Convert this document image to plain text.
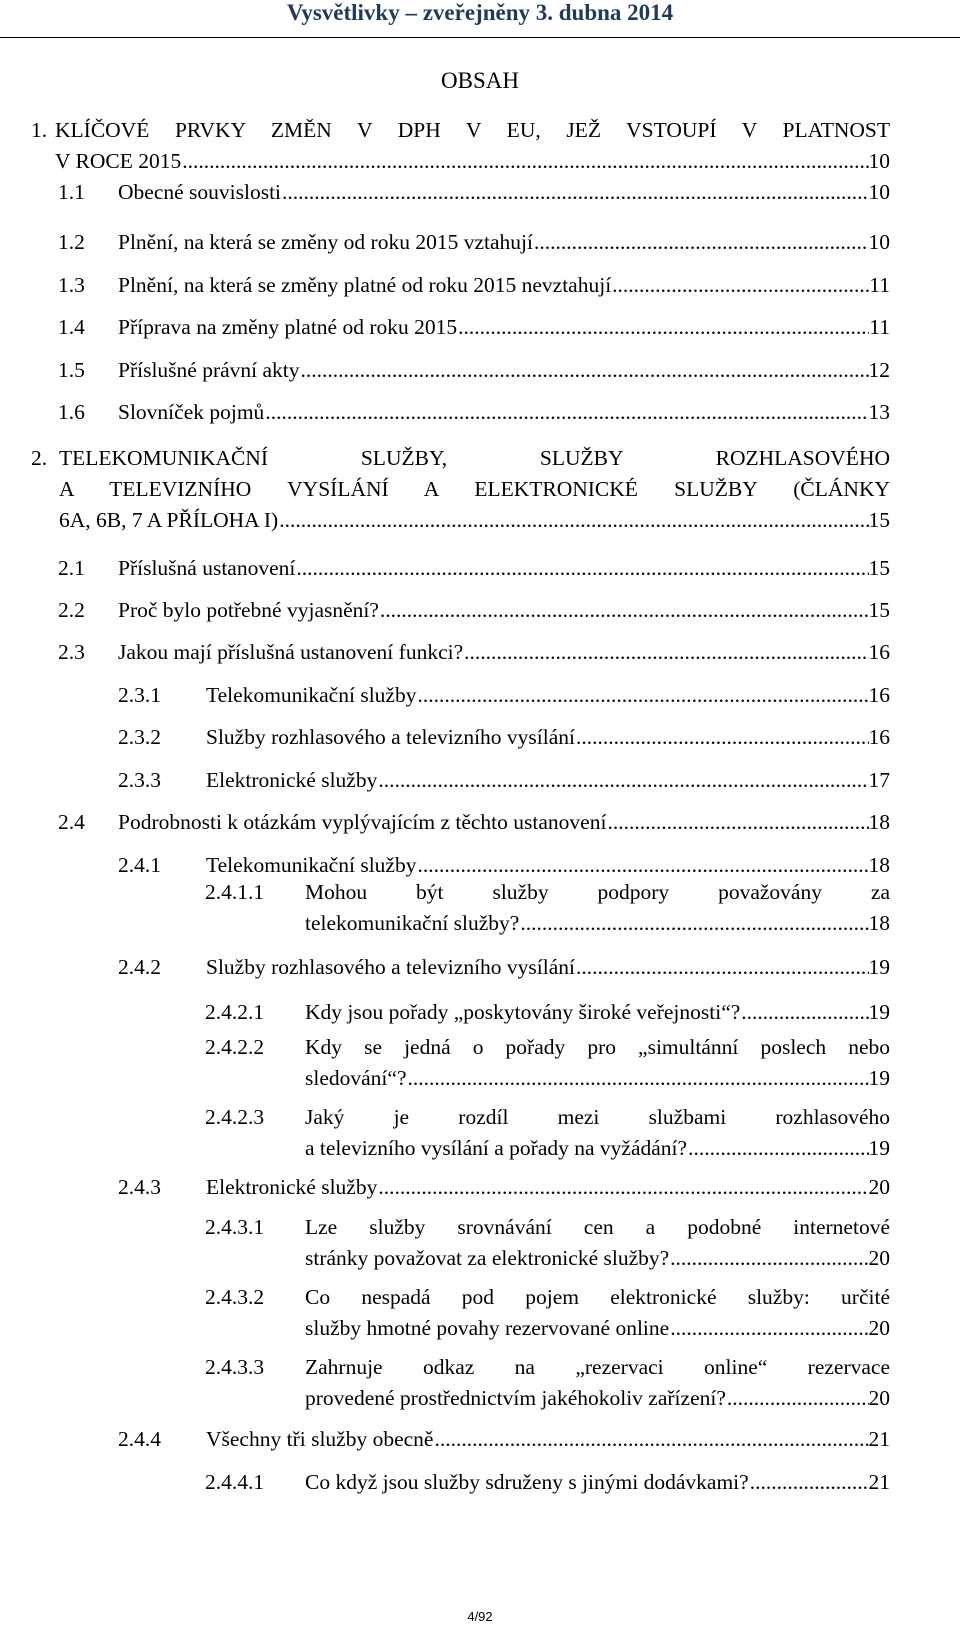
Vysvětlivky – zveřejněny 3. dubna 2014
OBSAH
1. KLÍČOVÉ PRVKY ZMĚN V DPH V EU, JEŽ VSTOUPÍ V PLATNOST
V ROCE 2015 .....	10
1.1	Obecné souvislosti .....	10
1.2	Plnění, na která se změny od roku 2015 vztahují .....	10
1.3	Plnění, na která se změny platné od roku 2015 nevztahují .....	11
1.4	Příprava na změny platné od roku 2015 .....	11
1.5	Příslušné právní akty .....	12
1.6	Slovníček pojmů .....	13
2. TELEKOMUNIKAČNÍ SLUŽBY, SLUŽBY ROZHLASOVÉHO
A TELEVIZNÍHO VYSÍLÁNÍ A ELEKTRONICKÉ SLUŽBY (ČLÁNKY
6A, 6B, 7 A PŘÍLOHA I) .....	15
2.1	Příslušná ustanovení .....	15
2.2	Proč bylo potřebné vyjasnění? .....	15
2.3	Jakou mají příslušná ustanovení funkci? .....	16
2.3.1	Telekomunikační služby .....	16
2.3.2	Služby rozhlasového a televizního vysílání .....	16
2.3.3	Elektronické služby .....	17
2.4	Podrobnosti k otázkám vyplývajícím z těchto ustanovení .....	18
2.4.1	Telekomunikační služby .....	18
2.4.1.1	Mohou být služby podpory považovány za
telekomunikační služby? .....	18
2.4.2	Služby rozhlasového a televizního vysílání .....	19
2.4.2.1	Kdy jsou pořady „poskytovány široké veřejnosti“? .....	19
2.4.2.2	Kdy se jedná o pořady pro „simultánní poslech nebo
sledování“? .....	19
2.4.2.3	Jaký je rozdíl mezi službami rozhlasového
a televizního vysílání a pořady na vyžádání? .....	19
2.4.3	Elektronické služby .....	20
2.4.3.1	Lze služby srovnávání cen a podobné internetové
stránky považovat za elektronické služby? .....	20
2.4.3.2	Co nespadá pod pojem elektronické služby: určité
služby hmotné povahy rezervované online .....	20
2.4.3.3	Zahrnuje odkaz na „rezervaci online“ rezervace
provedené prostřednictvím jakéhokoliv zařízení? .....	20
2.4.4	Všechny tři služby obecně .....	21
2.4.4.1	Co když jsou služby sdruženy s jinými dodávkami? .....	21
4/92
